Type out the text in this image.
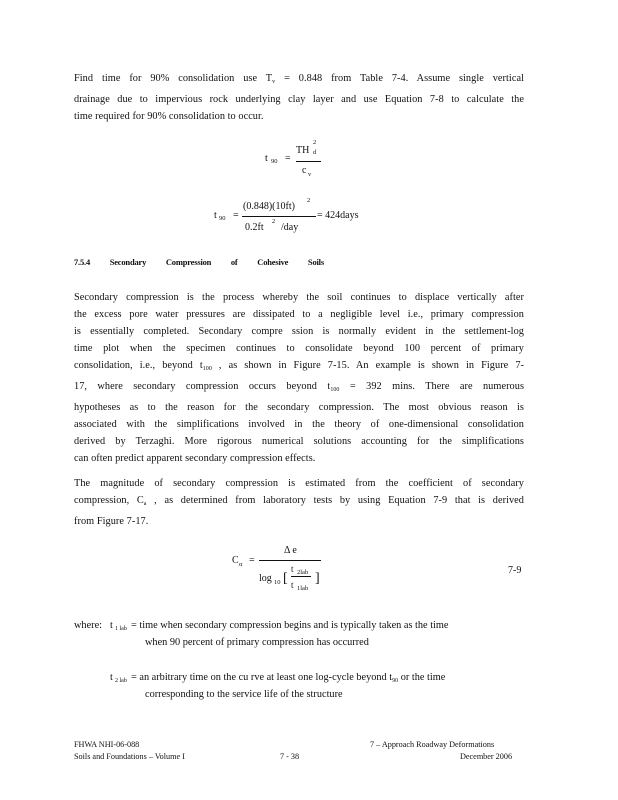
Find time for 90% consolidation use $T_v = 0.848$ from Table 7-4. Assume single vertical
drainage due to impervious rock underlying clay layer and use Equation 7-8 to calculate the
time required for 90% consolidation to occur.
t 90 =
TH
2
d
c v
t 90 =
(0.848)(10ft)
2
0.2ft
2
/day
= 424days
7.5.4 Secondary Compression of Cohesive Soils
Secondary compression is the process whereby the soil continues to displace vertically after
the excess pore water pressures are dissipated to a negligible level i.e., primary compression
is essentially completed. Secondary compre ssion is normally evident in the settlement-log
time plot when the specimen continues to consolidate beyond 100 percent of primary
consolidation, i.e., beyond $t_{100}$ , as shown in Figure 7-15. An example is shown in Figure 7-
17, where secondary compression occurs beyond $t_{100} = 392$ mins. There are numerous
hypotheses as to the reason for the secondary compression. The most obvious reason is
associated with the simplifications involved in the theory of one-dimensional consolidation
derived by Terzaghi. More rigorous numerical solutions accounting for the simplifications
can often predict apparent secondary compression effects.
The magnitude of secondary compression is estimated from the coefficient of secondary
compression, $C_a$ , as determined from laboratory tests by using Equation 7-9 that is derived
from Figure 7-17.
C α =
Δ e
log 10 [
t 2lab
t 1lab
]
7-9
where: t 1 lab = time when secondary compression begins and is typically taken as the time
when 90 percent of primary compression has occurred
t 2 lab = an arbitrary time on the cu rve at least one log-cycle beyond t90 or the time
corresponding to the service life of the structure
FHWA NHI-06-088
Soils and Foundations – Volume I	7 - 38
7 – Approach Roadway Deformations
December 2006
